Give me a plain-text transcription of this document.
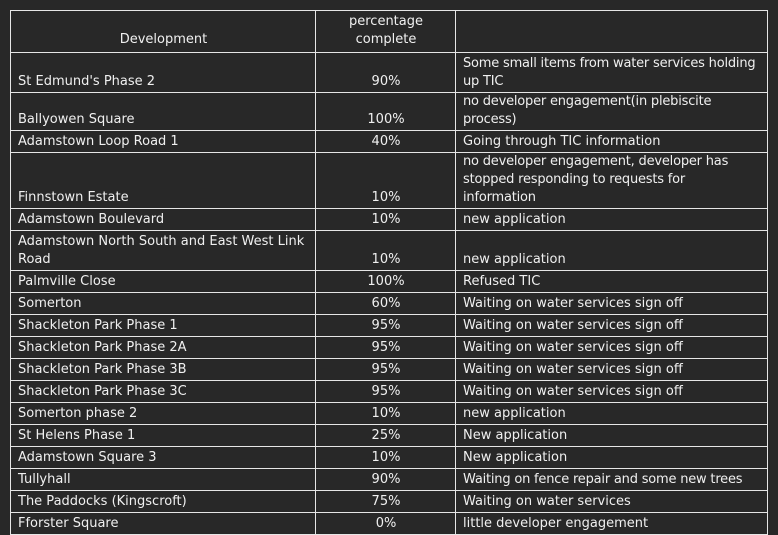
Development	percentage complete	
St Edmund's Phase 2	90%	Some small items from water services holding up TIC
Ballyowen Square	100%	no developer engagement(in plebiscite process)
Adamstown Loop Road 1	40%	Going through TIC information
Finnstown Estate	10%	no developer engagement, developer has stopped responding to requests for information
Adamstown Boulevard	10%	new application
Adamstown North South and East West Link Road	10%	new application
Palmville Close	100%	Refused TIC
Somerton	60%	Waiting on water services sign off
Shackleton Park Phase 1	95%	Waiting on water services sign off
Shackleton Park Phase 2A	95%	Waiting on water services sign off
Shackleton Park Phase 3B	95%	Waiting on water services sign off
Shackleton Park Phase 3C	95%	Waiting on water services sign off
Somerton phase 2	10%	new application
St Helens Phase 1	25%	New application
Adamstown Square 3	10%	New application
Tullyhall	90%	Waiting on fence repair and some new trees
The Paddocks (Kingscroft)	75%	Waiting on water services
Fforster Square	0%	little developer engagement
